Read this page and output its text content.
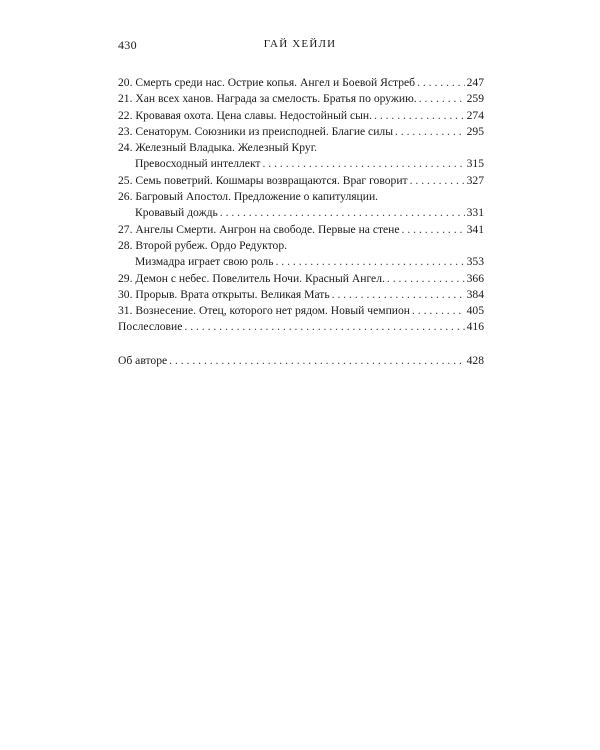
430	ГАЙ ХЕЙЛИ
20.
Смерть среди нас. Острие копья. Ангел и Боевой Ястреб . . .	247
21.
Хан всех ханов. Награда за смелость. Братья по оружию. . . .	259
22.
Кровавая охота. Цена славы. Недостойный сын. . . .	274
23.
Сенаторум. Союзники из преисподней. Благие силы . . .	295
24.
Железный Владыка. Железный Круг.
Превосходный интеллект . . .	315
25.
Семь поветрий. Кошмары возвращаются. Враг говорит . . .	327
26.
Багровый Апостол. Предложение о капитуляции.
Кровавый дождь . . .	331
27.
Ангелы Смерти. Ангрон на свободе. Первые на стене . . .	341
28.
Второй рубеж. Ордо Редуктор.
Мизмадра играет свою роль . . .	353
29.
Демон с небес. Повелитель Ночи. Красный Ангел. . . .	366
30.
Прорыв. Врата открыты. Великая Мать . . .	384
31.
Вознесение. Отец, которого нет рядом. Новый чемпион . . .	405
Послесловие . . .	416
Об авторе . . .	428
